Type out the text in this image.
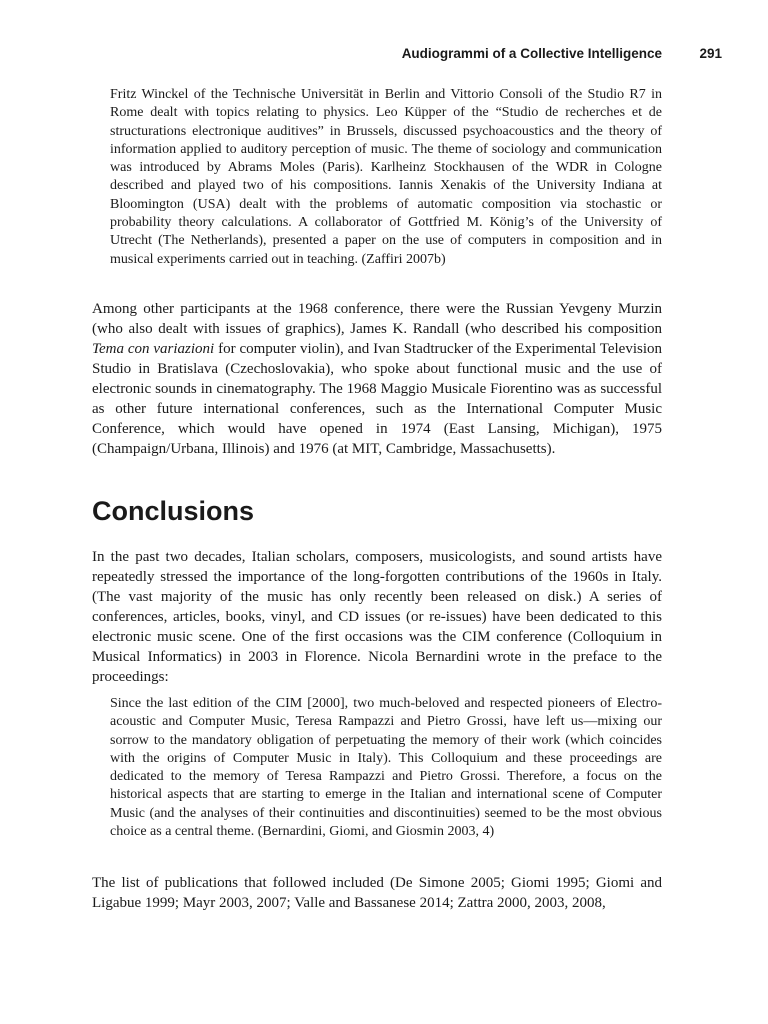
Audiogrammi of a Collective Intelligence	291

Fritz Winckel of the Technische Universität in Berlin and Vittorio Consoli of the Studio R7 in Rome dealt with topics relating to physics. Leo Küpper of the “Studio de recherches et de structurations electronique auditives” in Brussels, discussed psychoacoustics and the theory of information applied to auditory perception of music. The theme of sociology and communication was introduced by Abrams Moles (Paris). Karlheinz Stockhausen of the WDR in Cologne described and played two of his compositions. Iannis Xenakis of the University Indiana at Bloomington (USA) dealt with the problems of automatic composition via stochastic or probability theory calculations. A collaborator of Gottfried M. König’s of the University of Utrecht (The Netherlands), presented a paper on the use of computers in composition and in musical experiments carried out in teaching. (Zaffiri 2007b)

Among other participants at the 1968 conference, there were the Russian Yevgeny Murzin (who also dealt with issues of graphics), James K. Randall (who described his composition Tema con variazioni for computer violin), and Ivan Stadtrucker of the Experimental Television Studio in Bratislava (Czechoslovakia), who spoke about functional music and the use of electronic sounds in cinematography. The 1968 Maggio Musicale Fiorentino was as successful as other future international conferences, such as the International Computer Music Conference, which would have opened in 1974 (East Lansing, Michigan), 1975 (Champaign/Urbana, Illinois) and 1976 (at MIT, Cambridge, Massachusetts).

Conclusions

In the past two decades, Italian scholars, composers, musicologists, and sound artists have repeatedly stressed the importance of the long-forgotten contributions of the 1960s in Italy. (The vast majority of the music has only recently been released on disk.) A series of conferences, articles, books, vinyl, and CD issues (or re-issues) have been dedicated to this electronic music scene. One of the first occasions was the CIM conference (Colloquium in Musical Informatics) in 2003 in Florence. Nicola Bernardini wrote in the preface to the proceedings:

Since the last edition of the CIM [2000], two much-beloved and respected pioneers of Electro-acoustic and Computer Music, Teresa Rampazzi and Pietro Grossi, have left us—mixing our sorrow to the mandatory obligation of perpetuating the memory of their work (which coincides with the origins of Computer Music in Italy). This Colloquium and these proceedings are dedicated to the memory of Teresa Rampazzi and Pietro Grossi. Therefore, a focus on the historical aspects that are starting to emerge in the Italian and international scene of Computer Music (and the analyses of their continuities and discontinuities) seemed to be the most obvious choice as a central theme. (Bernardini, Giomi, and Giosmin 2003, 4)

The list of publications that followed included (De Simone 2005; Giomi 1995; Giomi and Ligabue 1999; Mayr 2003, 2007; Valle and Bassanese 2014; Zattra 2000, 2003, 2008,
